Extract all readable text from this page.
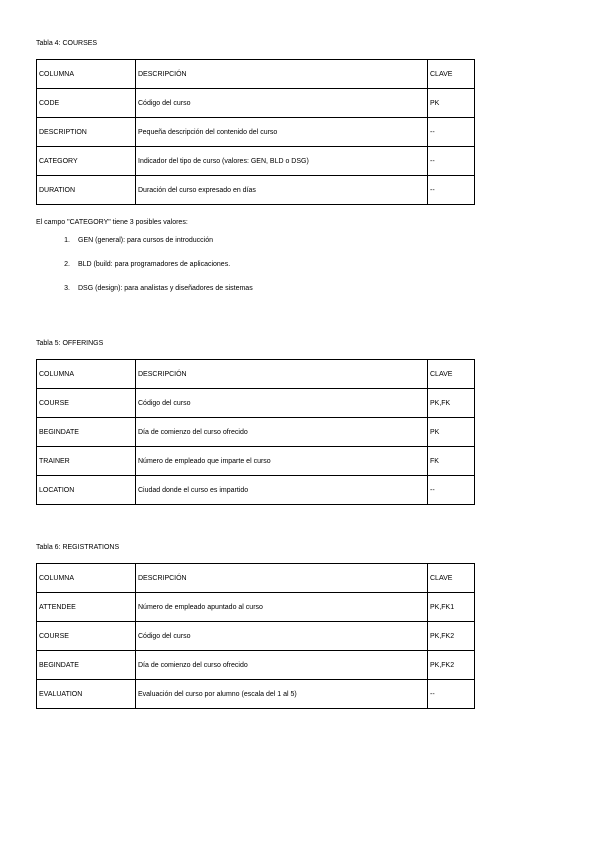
Tabla 4: COURSES
COLUMNA	DESCRIPCIÓN	CLAVE
CODE	Código del curso	PK
DESCRIPTION	Pequeña descripción del contenido del curso	--
CATEGORY	Indicador del tipo de curso (valores: GEN, BLD o DSG)	--
DURATION	Duración del curso expresado en días	--
El campo "CATEGORY" tiene 3 posibles valores:
1. GEN (general): para cursos de introducción
2. BLD (build: para programadores de aplicaciones.
3. DSG (design): para analistas y diseñadores de sistemas
Tabla 5: OFFERINGS
COLUMNA	DESCRIPCIÓN	CLAVE
COURSE	Código del curso	PK,FK
BEGINDATE	Día de comienzo del curso ofrecido	PK
TRAINER	Número de empleado que imparte el curso	FK
LOCATION	Ciudad donde el curso es impartido	--
Tabla 6: REGISTRATIONS
COLUMNA	DESCRIPCIÓN	CLAVE
ATTENDEE	Número de empleado apuntado al curso	PK,FK1
COURSE	Código del curso	PK,FK2
BEGINDATE	Día de comienzo del curso ofrecido	PK,FK2
EVALUATION	Evaluación del curso por alumno (escala del 1 al 5)	--
